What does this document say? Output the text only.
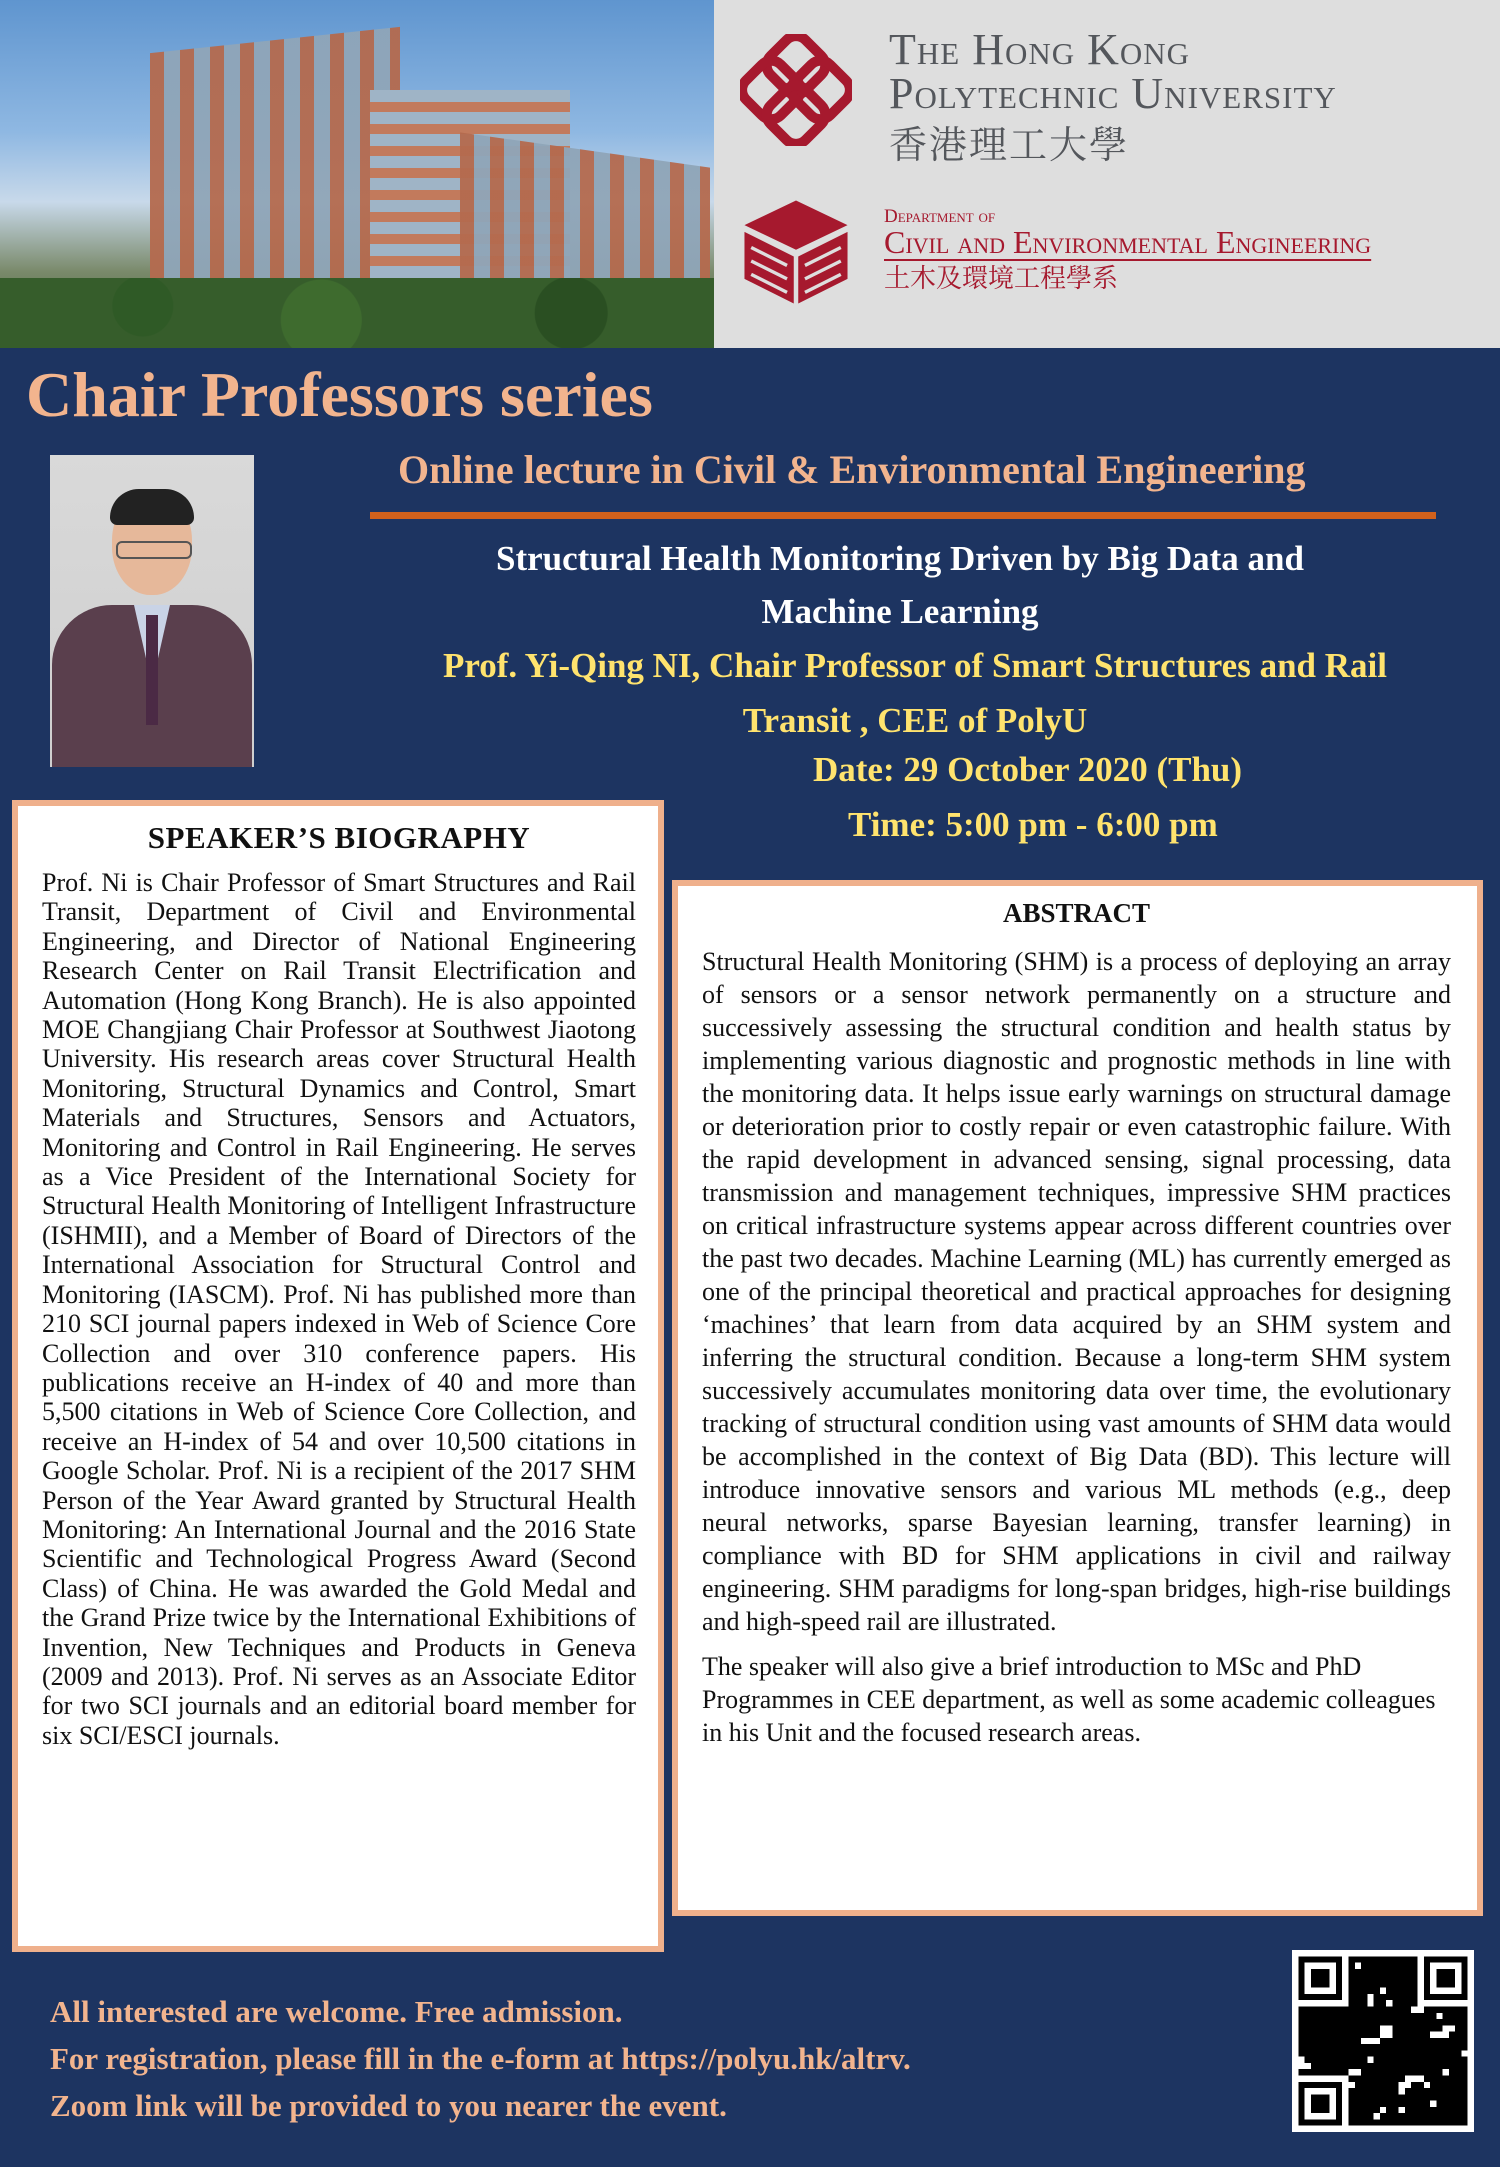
The Hong Kong
Polytechnic University
香港理工大學
Department of
Civil and Environmental Engineering
土木及環境工程學系
Chair Professors series
Online lecture in Civil & Environmental Engineering
Structural Health Monitoring Driven by Big Data and
Machine Learning
Prof. Yi-Qing NI, Chair Professor of Smart Structures and Rail
Transit , CEE of PolyU
Date: 29 October 2020 (Thu)
Time: 5:00 pm - 6:00 pm
SPEAKER’S BIOGRAPHY

Prof. Ni is Chair Professor of Smart Structures and Rail Transit, Department of Civil and Environmental Engineering, and Director of National Engineering Research Center on Rail Transit Electrification and Automation (Hong Kong Branch). He is also appointed MOE Changjiang Chair Professor at Southwest Jiaotong University. His research areas cover Structural Health Monitoring, Structural Dynamics and Control, Smart Materials and Structures, Sensors and Actuators, Monitoring and Control in Rail Engineering. He serves as a Vice President of the International Society for Structural Health Monitoring of Intelligent Infrastructure (ISHMII), and a Member of Board of Directors of the International Association for Structural Control and Monitoring (IASCM). Prof. Ni has published more than 210 SCI journal papers indexed in Web of Science Core Collection and over 310 conference papers. His publications receive an H-index of 40 and more than 5,500 citations in Web of Science Core Collection, and receive an H-index of 54 and over 10,500 citations in Google Scholar. Prof. Ni is a recipient of the 2017 SHM Person of the Year Award granted by Structural Health Monitoring: An International Journal and the 2016 State Scientific and Technological Progress Award (Second Class) of China. He was awarded the Gold Medal and the Grand Prize twice by the International Exhibitions of Invention, New Techniques and Products in Geneva (2009 and 2013). Prof. Ni serves as an Associate Editor for two SCI journals and an editorial board member for six SCI/ESCI journals.

ABSTRACT

Structural Health Monitoring (SHM) is a process of deploying an array of sensors or a sensor network permanently on a structure and successively assessing the structural condition and health status by implementing various diagnostic and prognostic methods in line with the monitoring data. It helps issue early warnings on structural damage or deterioration prior to costly repair or even catastrophic failure. With the rapid development in advanced sensing, signal processing, data transmission and management techniques, impressive SHM practices on critical infrastructure systems appear across different countries over the past two decades. Machine Learning (ML) has currently emerged as one of the principal theoretical and practical approaches for designing ‘machines’ that learn from data acquired by an SHM system and inferring the structural condition. Because a long-term SHM system successively accumulates monitoring data over time, the evolutionary tracking of structural condition using vast amounts of SHM data would be accomplished in the context of Big Data (BD). This lecture will introduce innovative sensors and various ML methods (e.g., deep neural networks, sparse Bayesian learning, transfer learning) in compliance with BD for SHM applications in civil and railway engineering. SHM paradigms for long-span bridges, high-rise buildings and high-speed rail are illustrated.

The speaker will also give a brief introduction to MSc and PhD Programmes in CEE department, as well as some academic colleagues in his Unit and the focused research areas.

All interested are welcome. Free admission.
For registration, please fill in the e-form at https://polyu.hk/altrv.
Zoom link will be provided to you nearer the event.
